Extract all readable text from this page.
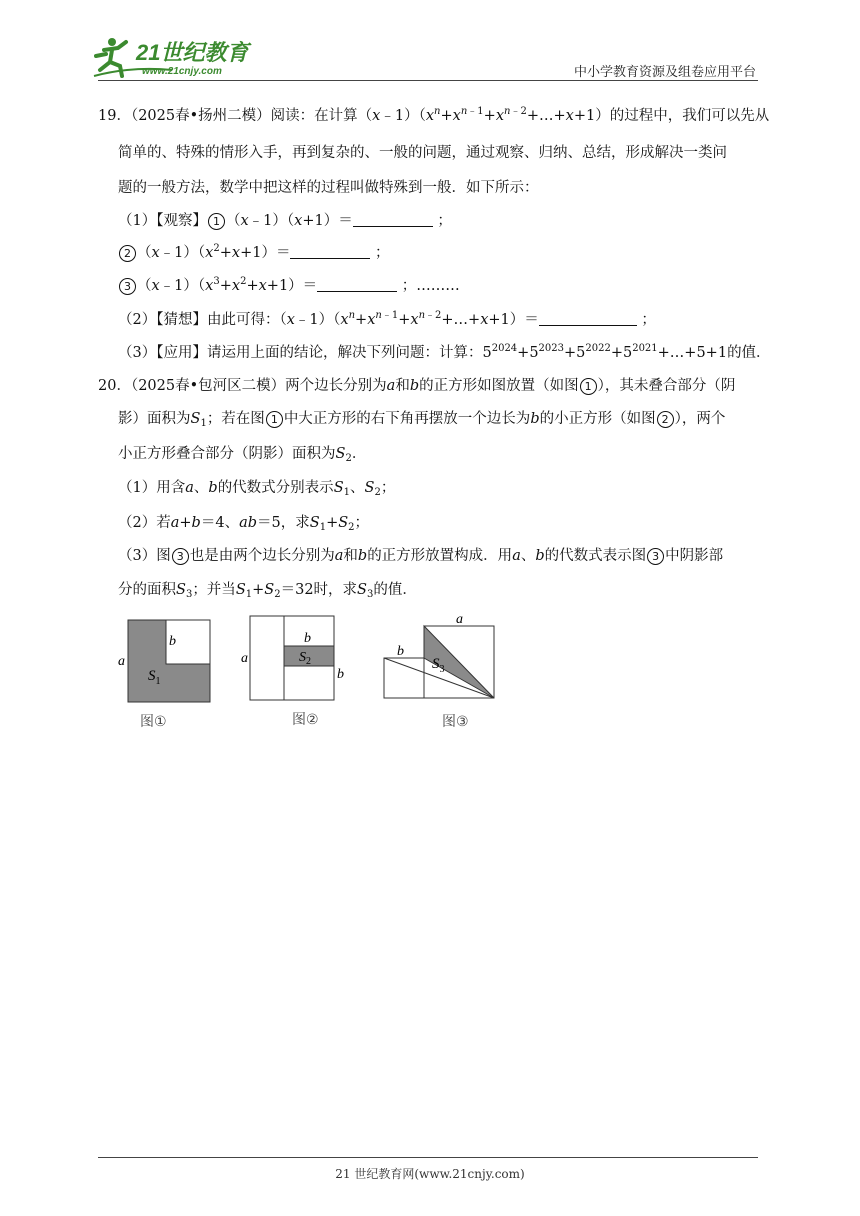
21世纪教育
www.21cnjy.com	中小学教育资源及组卷应用平台
19．（2025春•扬州二模）阅读：在计算$(x﹣1)(x^n+x^{n﹣1}+x^{n﹣2}+\dots+x+1)$的过程中，我们可以先从
简单的、特殊的情形入手，再到复杂的、一般的问题，通过观察、归纳、总结，形成解决一类问
题的一般方法，数学中把这样的过程叫做特殊到一般．如下所示：
（1）【观察】 1 （x﹣1）（x+1）＝	；
2 $(x﹣1)(x^2+x+1)=$	；
3 $(x﹣1)(x^3+x^2+x+1)=$	；………
（2）【猜想】由此可得：$(x﹣1)(x^n+x^{n﹣1}+x^{n﹣2}+\dots+x+1)=$	；
（3）【应用】请运用上面的结论，解决下列问题：计算：$5^{2024}+5^{2023}+5^{2022}+5^{2021}+\dots+5+1$的值．
20．（2025春•包河区二模）两个边长分别为a和b的正方形如图放置（如图 1 ），其未叠合部分（阴
影）面积为$S_1$；若在图 1 中大正方形的右下角再摆放一个边长为b的小正方形（如图 2 ），两个
小正方形叠合部分（阴影）面积为$S_2$．
（1）用含a、b的代数式分别表示$S_1$、$S_2$；
（2）若a+b＝4、ab＝5，求$S_1+S_2$；
（3）图 3 也是由两个边长分别为a和b的正方形放置构成．用a、b的代数式表示图 3 中阴影部
分的面积$S_3$；并当$S_1+S_2=32$时，求$S_3$的值．
a
b
$S_1$
图①
a
b
b
$S_2$
图②
a
b
$S_3$
图③
21 世纪教育网(www.21cnjy.com)
